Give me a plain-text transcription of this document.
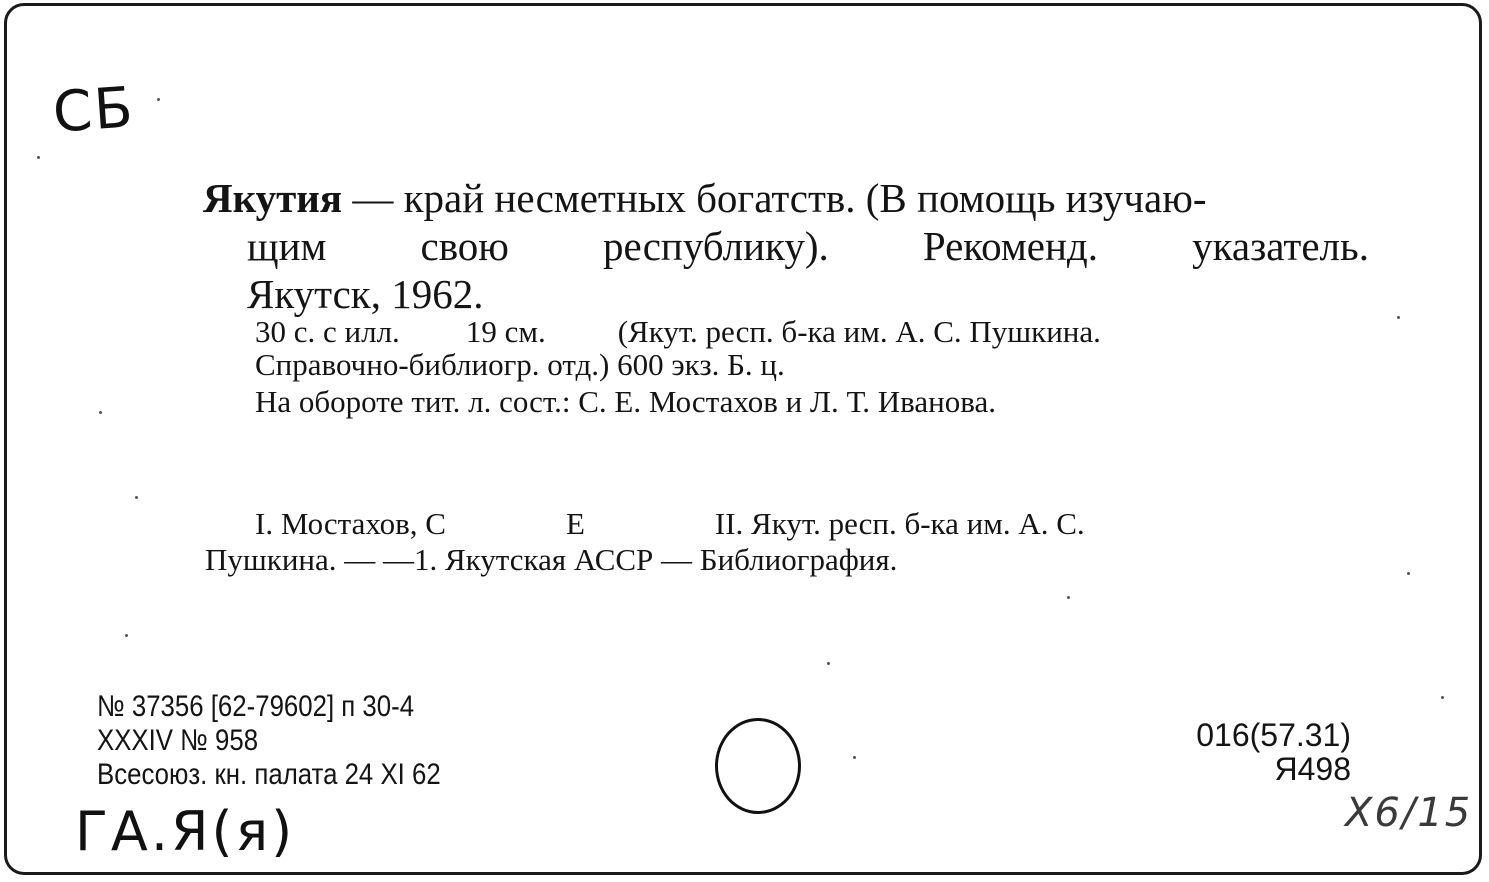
СБ
Якутия — край несметных богатств. (В помощь изучаю-
щим свою республику). Рекоменд. указатель.
Якутск, 1962.
30 с. с илл. 19 см. (Якут. респ. б-ка им. А. С. Пушкина.
Справочно-библиогр. отд.) 600 экз. Б. ц.
На обороте тит. л. сост.: С. Е. Мостахов и Л. Т. Иванова.
I. Мостахов, С	Е	II. Якут. респ. б-ка им. А. С.
Пушкина. — —1. Якутская АССР — Библиография.
№ 37356 [62-79602] п 30-4
XXXIV № 958
Всесоюз. кн. палата 24 XI 62
016(57.31)
Я498
ГА.Я(я)	Х6/15
